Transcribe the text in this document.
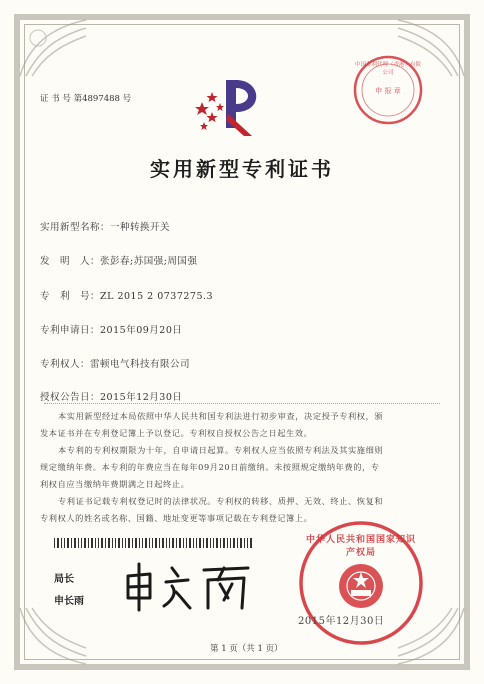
证 书 号 第4897488 号
中国专利代理（香港）有限公司
申 报 章
实用新型专利证书
实用新型名称：一种转换开关
发　明　人：张彭春;苏国强;周国强
专　利　号：ZL 2015 2 0737275.3
专利申请日：2015年09月20日
专利权人：雷顿电气科技有限公司
授权公告日：2015年12月30日
本实用新型经过本局依照中华人民共和国专利法进行初步审查，决定授予专利权，颁
发本证书并在专利登记簿上予以登记。专利权自授权公告之日起生效。
本专利的专利权期限为十年，自申请日起算。专利权人应当依照专利法及其实施细则
规定缴纳年费。本专利的年费应当在每年09月20日前缴纳。未按照规定缴纳年费的，专
利权自应当缴纳年费期满之日起终止。
专利证书记载专利权登记时的法律状况。专利权的转移、质押、无效、终止、恢复和
专利权人的姓名或名称、国籍、地址变更等事项记载在专利登记簿上。
局长
申长雨
中华人民共和国国家知识产权局
2015年12月30日
第 1 页（共 1 页）
